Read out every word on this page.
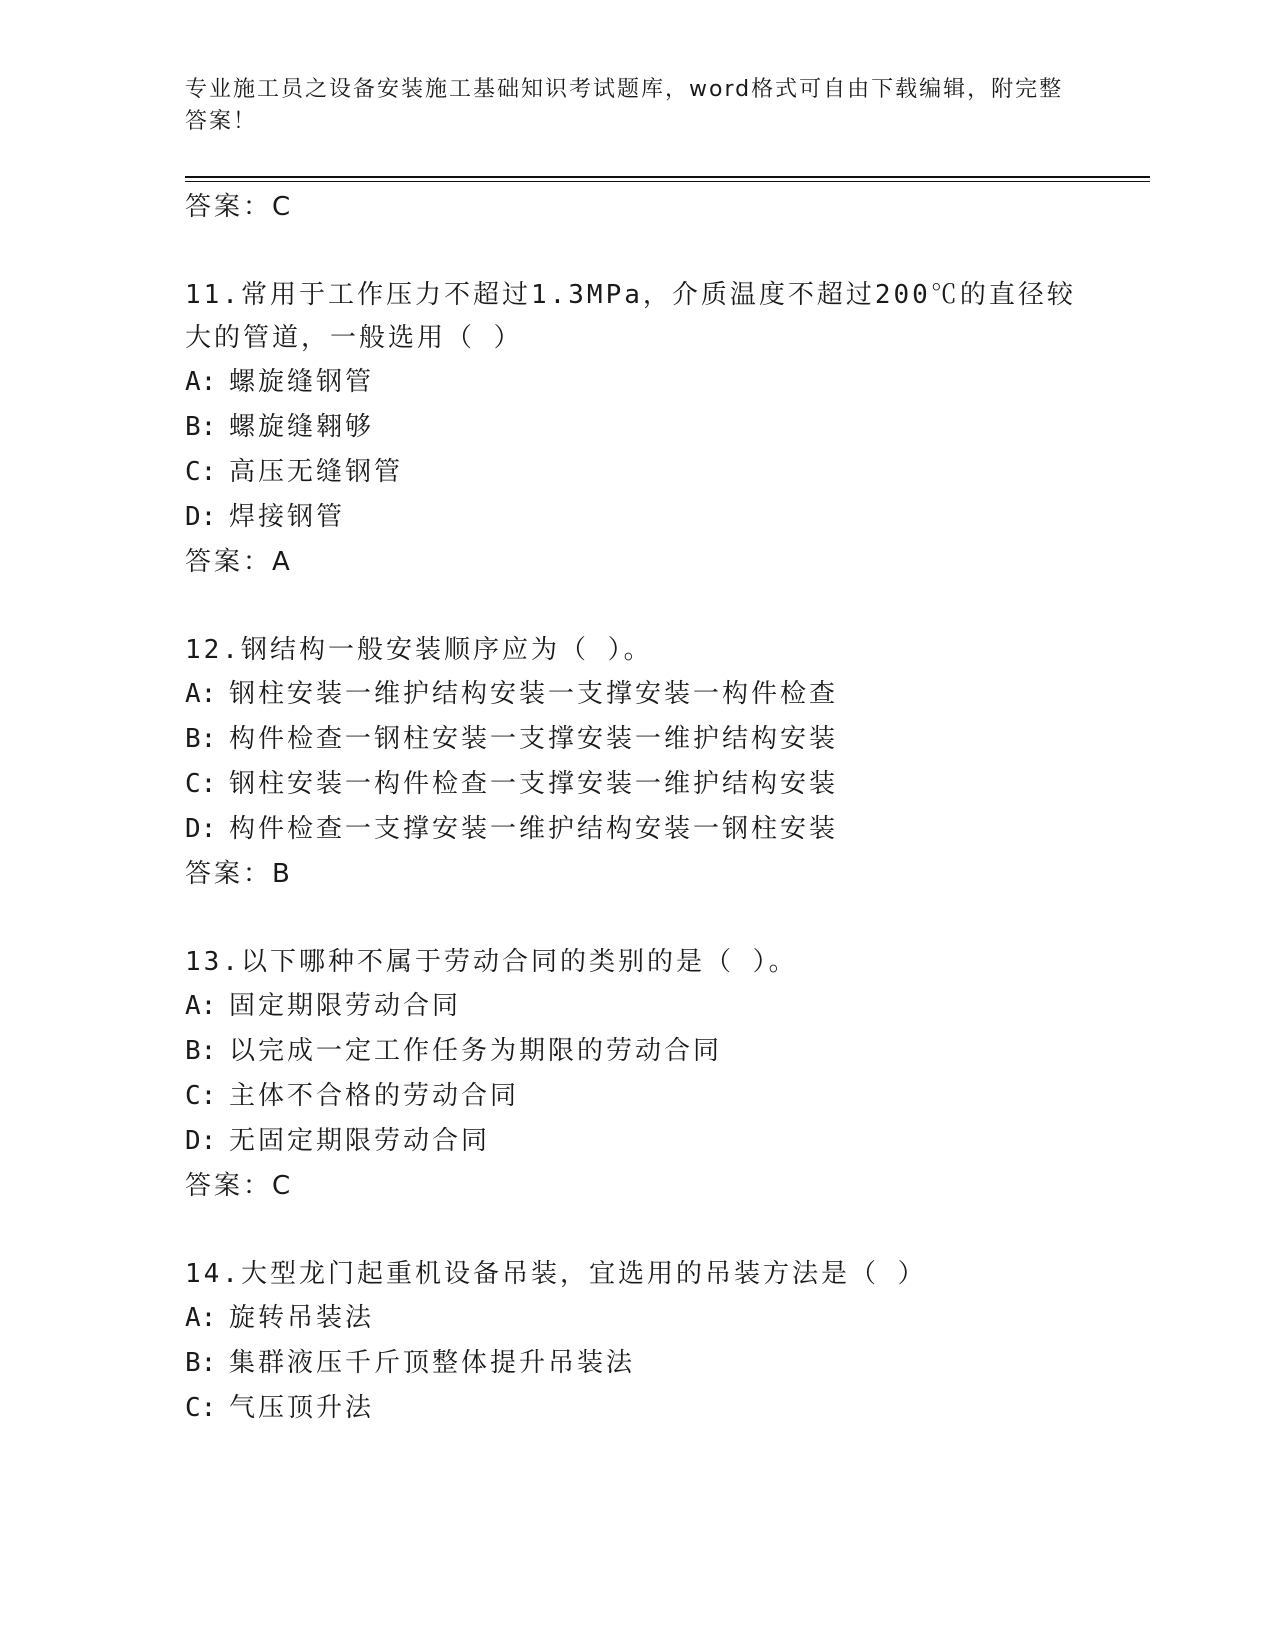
专业施工员之设备安装施工基础知识考试题库，word格式可自由下载编辑，附完整答案！
答案：C
11.常用于工作压力不超过1.3MPa，介质温度不超过200℃的直径较大的管道，一般选用（ ）
A: 螺旋缝钢管
B: 螺旋缝翱够
C: 高压无缝钢管
D: 焊接钢管
答案：A
12.钢结构一般安装顺序应为（ ）。
A: 钢柱安装一维护结构安装一支撑安装一构件检查
B: 构件检查一钢柱安装一支撑安装一维护结构安装
C: 钢柱安装一构件检查一支撑安装一维护结构安装
D: 构件检查一支撑安装一维护结构安装一钢柱安装
答案：B
13.以下哪种不属于劳动合同的类别的是（ ）。
A: 固定期限劳动合同
B: 以完成一定工作任务为期限的劳动合同
C: 主体不合格的劳动合同
D: 无固定期限劳动合同
答案：C
14.大型龙门起重机设备吊装，宜选用的吊装方法是（ ）
A: 旋转吊装法
B: 集群液压千斤顶整体提升吊装法
C: 气压顶升法
